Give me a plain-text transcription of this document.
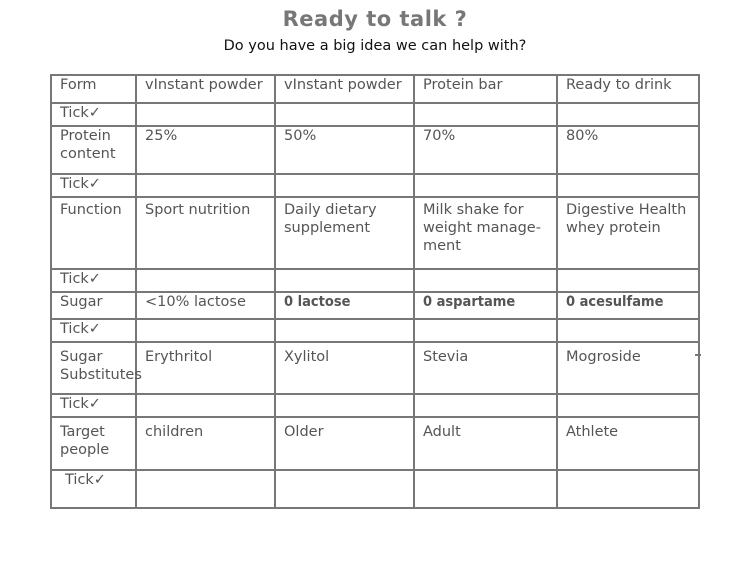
Ready to talk ?
Do you have a big idea we can help with?
Form	vInstant powder	vInstant powder	Protein bar	Ready to drink
Tick✓				
Protein content	25%	50%	70%	80%
Tick✓				
Function	Sport nutrition	Daily dietary supplement	Milk shake for weight manage-ment	Digestive Health whey protein
Tick✓				
Sugar	<10% lactose	0 lactose	0 aspartame	0 acesulfame
Tick✓				
Sugar Substitutes	Erythritol	Xylitol	Stevia	Mogroside
Tick✓				
Target people	children	Older	Adult	Athlete
Tick✓				
